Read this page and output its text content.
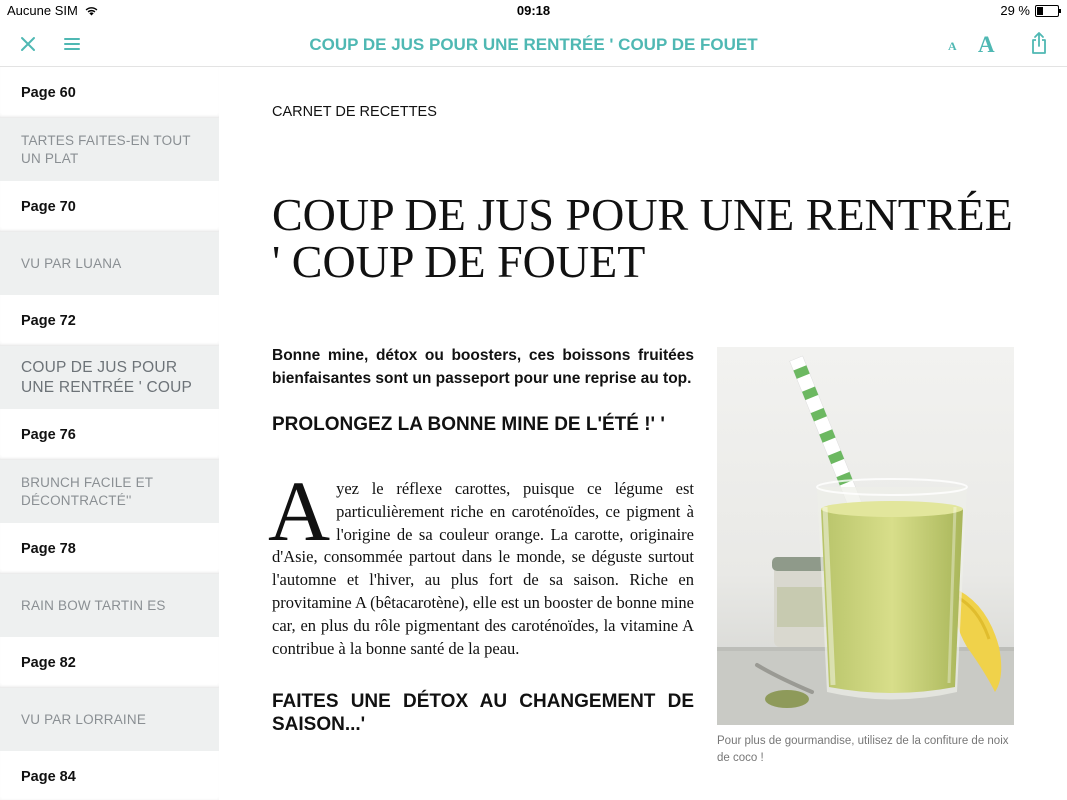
Aucune SIM	09:18	29 %
COUP DE JUS POUR UNE RENTRÉE ' COUP DE FOUET	A A
Page 60
TARTES FAITES-EN TOUT UN PLAT
Page 70
VU PAR LUANA
Page 72
COUP DE JUS POUR UNE RENTRÉE ' COUP
Page 76
BRUNCH FACILE ET DÉCONTRACTÉ''
Page 78
RAIN BOW TARTIN ES
Page 82
VU PAR LORRAINE
Page 84
CARNET DE RECETTES
COUP DE JUS POUR UNE RENTRÉE ' COUP DE FOUET

Bonne mine, détox ou boosters, ces boissons fruitées bienfaisantes sont un passeport pour une reprise au top.

PROLONGEZ LA BONNE MINE DE L'ÉTÉ !' '
A yez le réflexe carottes, puisque ce légume est particulièrement riche en caroténoïdes, ce pigment à l'origine de sa couleur orange. La carotte, originaire d'Asie, consommée partout dans le monde, se déguste surtout l'automne et l'hiver, au plus fort de sa saison. Riche en provitamine A (bêtacarotène), elle est un booster de bonne mine car, en plus du rôle pigmentant des caroténoïdes, la vitamine A contribue à la bonne santé de la peau.

FAITES UNE DÉTOX AU CHANGEMENT DE SAISON...'
Pour plus de gourmandise, utilisez de la confiture de noix de coco !
